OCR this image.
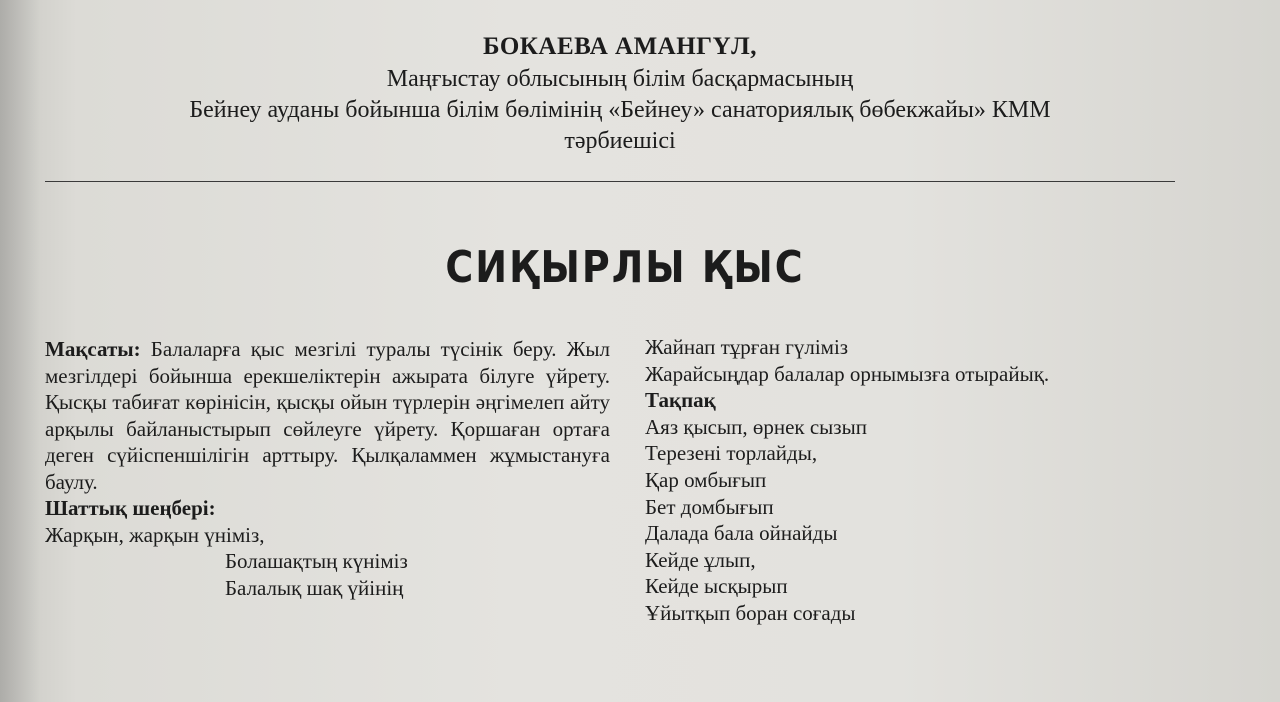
БОКАЕВА АМАНГҮЛ,
Маңғыстау облысының білім басқармасының
Бейнеу ауданы бойынша білім бөлімінің «Бейнеу» санаториялық бөбекжайы» КММ
тәрбиешісі
СИҚЫРЛЫ ҚЫС
Мақсаты: Балаларға қыс мезгілі туралы түсінік беру. Жыл мезгілдері бойынша ерекшеліктерін ажырата білуге үйрету. Қысқы табиғат көрінісін, қысқы ойын түрлерін әңгімелеп айту арқылы байланыстырып сөйлеуге үйрету. Қоршаған ортаға деген сүйіспеншілігін арттыру. Қылқаламмен жұмыстануға баулу.
Шаттық шеңбері:
Жарқын, жарқын үніміз,
Болашақтың күніміз
Балалық шақ үйінің
Жайнап тұрған гүліміз
Жарайсыңдар балалар орнымызға отырайық.
Тақпақ
Аяз қысып, өрнек сызып
Терезені торлайды,
Қар омбығып
Бет домбығып
Далада бала ойнайды
Кейде ұлып,
Кейде ысқырып
Ұйытқып боран соғады
